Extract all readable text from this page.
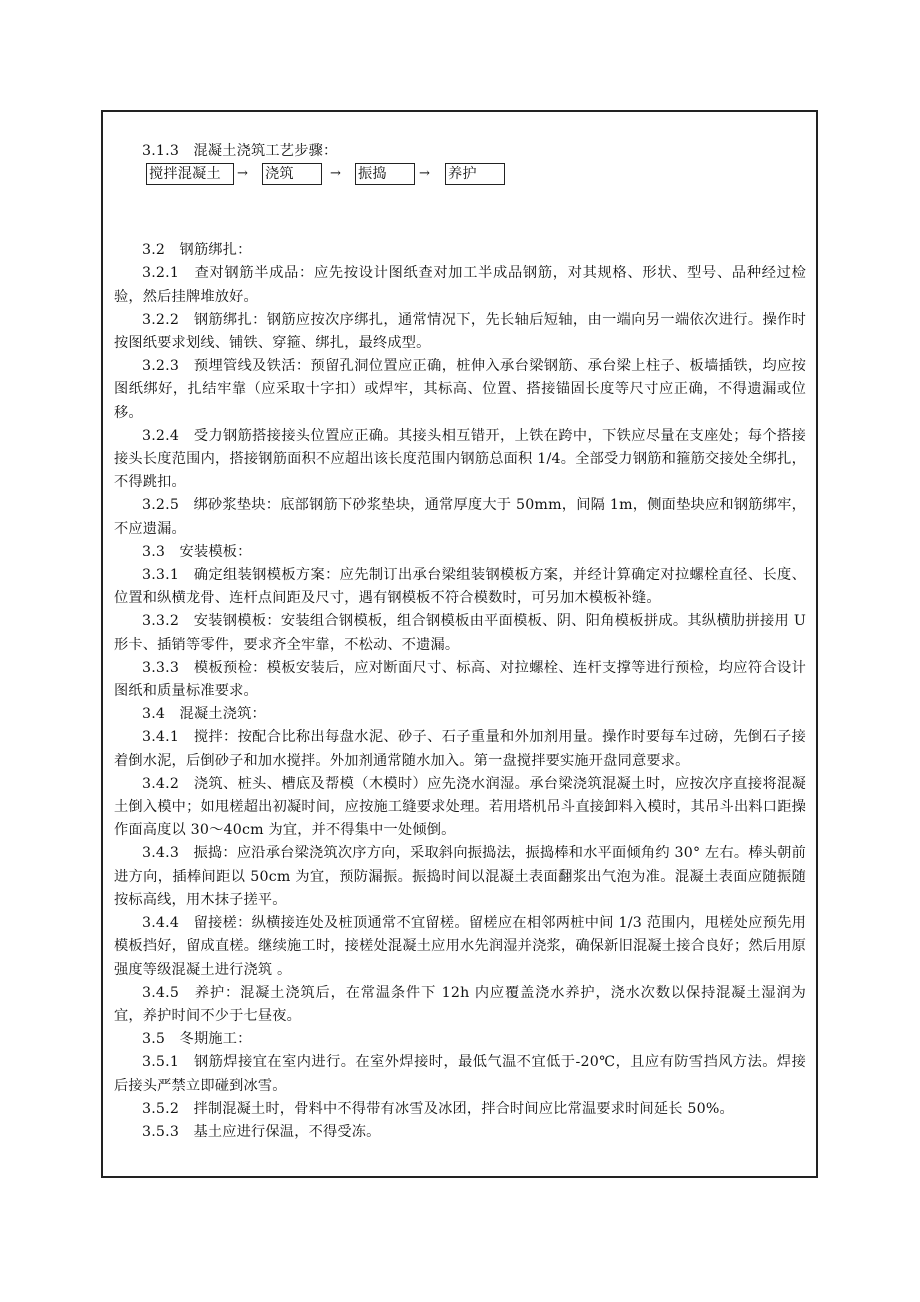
3.1.3　混凝土浇筑工艺步骤：

搅拌混凝土	→ 浇筑	→ 振捣	→ 养护

3.2　钢筋绑扎：

3.2.1　查对钢筋半成品：应先按设计图纸查对加工半成品钢筋，对其规格、形状、型号、品种经过检验，然后挂牌堆放好。

3.2.2　钢筋绑扎：钢筋应按次序绑扎，通常情况下，先长轴后短轴，由一端向另一端依次进行。操作时按图纸要求划线、铺铁、穿箍、绑扎，最终成型。

3.2.3　预埋管线及铁活：预留孔洞位置应正确，桩伸入承台梁钢筋、承台梁上柱子、板墙插铁，均应按图纸绑好，扎结牢靠（应采取十字扣）或焊牢，其标高、位置、搭接锚固长度等尺寸应正确，不得遗漏或位移。

3.2.4　受力钢筋搭接接头位置应正确。其接头相互错开，上铁在跨中，下铁应尽量在支座处；每个搭接接头长度范围内，搭接钢筋面积不应超出该长度范围内钢筋总面积 1/4。全部受力钢筋和箍筋交接处全绑扎，不得跳扣。

3.2.5　绑砂浆垫块：底部钢筋下砂浆垫块，通常厚度大于 50mm，间隔 1m，侧面垫块应和钢筋绑牢，不应遗漏。

3.3　安装模板：

3.3.1　确定组装钢模板方案：应先制订出承台梁组装钢模板方案，并经计算确定对拉螺栓直径、长度、位置和纵横龙骨、连杆点间距及尺寸，遇有钢模板不符合模数时，可另加木模板补缝。

3.3.2　安装钢模板：安装组合钢模板，组合钢模板由平面模板、阴、阳角模板拼成。其纵横肋拼接用 U 形卡、插销等零件，要求齐全牢靠，不松动、不遗漏。

3.3.3　模板预检：模板安装后，应对断面尺寸、标高、对拉螺栓、连杆支撑等进行预检，均应符合设计图纸和质量标准要求。

3.4　混凝土浇筑：

3.4.1　搅拌：按配合比称出每盘水泥、砂子、石子重量和外加剂用量。操作时要每车过磅，先倒石子接着倒水泥，后倒砂子和加水搅拌。外加剂通常随水加入。第一盘搅拌要实施开盘同意要求。

3.4.2　浇筑、桩头、槽底及帮模（木模时）应先浇水润湿。承台梁浇筑混凝土时，应按次序直接将混凝土倒入模中；如甩槎超出初凝时间，应按施工缝要求处理。若用塔机吊斗直接卸料入模时，其吊斗出料口距操作面高度以 30～40cm 为宜，并不得集中一处倾倒。

3.4.3　振捣：应沿承台梁浇筑次序方向，采取斜向振捣法，振捣棒和水平面倾角约 30° 左右。棒头朝前进方向，插棒间距以 50cm 为宜，预防漏振。振捣时间以混凝土表面翻浆出气泡为准。混凝土表面应随振随按标高线，用木抹子搓平。

3.4.4　留接槎：纵横接连处及桩顶通常不宜留槎。留槎应在相邻两桩中间 1/3 范围内，甩槎处应预先用模板挡好，留成直槎。继续施工时，接槎处混凝土应用水先润湿并浇浆，确保新旧混凝土接合良好；然后用原强度等级混凝土进行浇筑 。

3.4.5　养护：混凝土浇筑后，在常温条件下 12h 内应覆盖浇水养护，浇水次数以保持混凝土湿润为宜，养护时间不少于七昼夜。

3.5　冬期施工：

3.5.1　钢筋焊接宜在室内进行。在室外焊接时，最低气温不宜低于-20℃，且应有防雪挡风方法。焊接后接头严禁立即碰到冰雪。

3.5.2　拌制混凝土时，骨料中不得带有冰雪及冰团，拌合时间应比常温要求时间延长 50%。

3.5.3　基土应进行保温，不得受冻。
